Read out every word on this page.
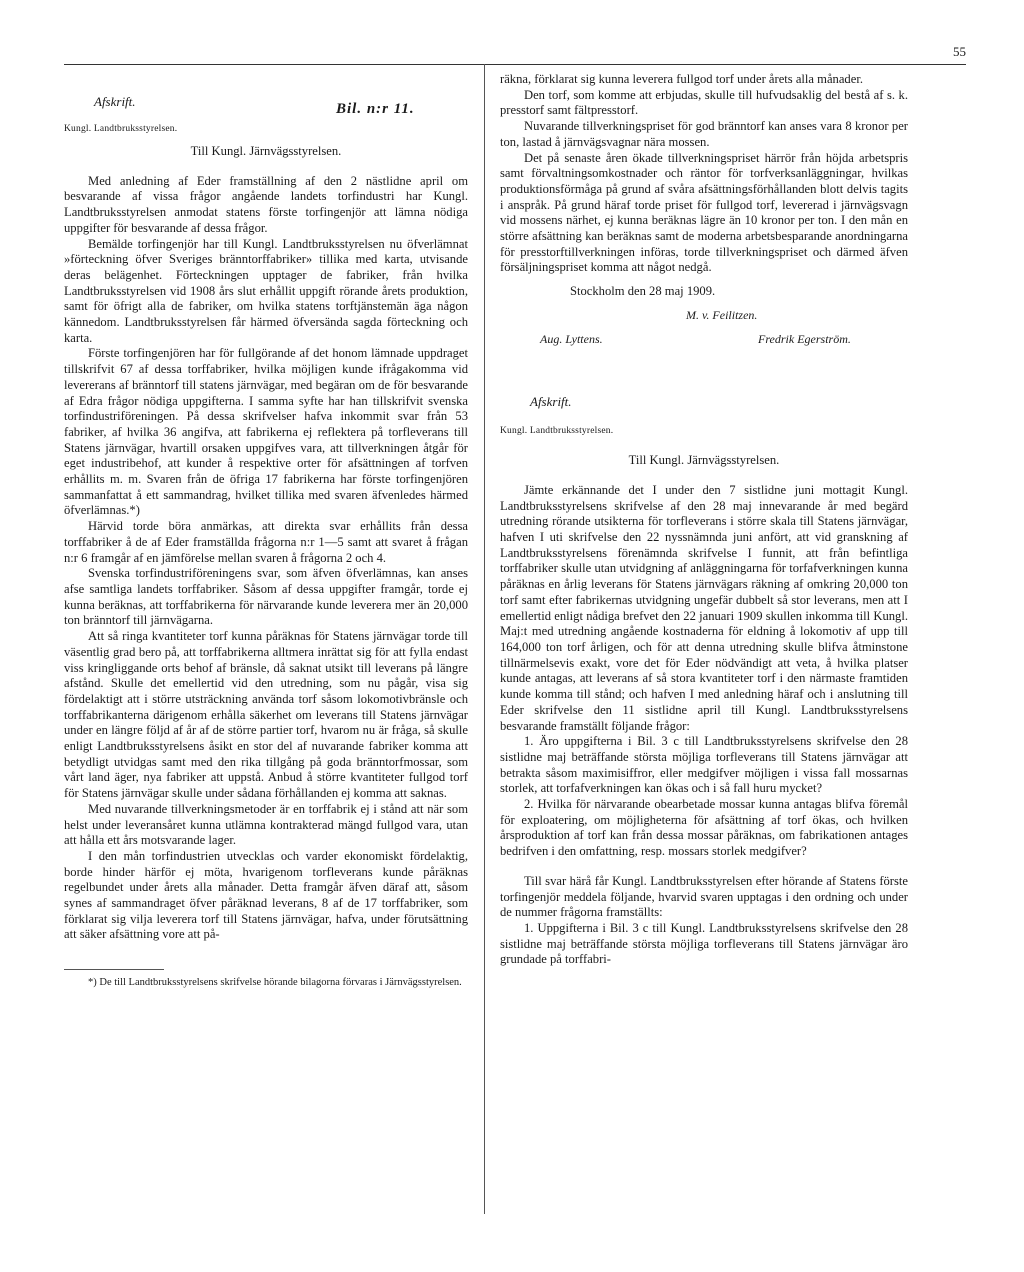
55
Afskrift.	Bil. n:r 11.
Kungl. Landtbruksstyrelsen.

Till Kungl. Järnvägsstyrelsen.

Med anledning af Eder framställning af den 2 nästlidne april om besvarande af vissa frågor angående landets torfindustri har Kungl. Landtbruksstyrelsen anmodat statens förste torfingenjör att lämna nödiga uppgifter för besvarande af dessa frågor.

Bemälde torfingenjör har till Kungl. Landtbruksstyrelsen nu öfverlämnat »förteckning öfver Sveriges bränntorffabriker» tillika med karta, utvisande deras belägenhet. Förteckningen upptager de fabriker, från hvilka Landtbruksstyrelsen vid 1908 års slut erhållit uppgift rörande årets produktion, samt för öfrigt alla de fabriker, om hvilka statens torftjänstemän äga någon kännedom. Landtbruksstyrelsen får härmed öfversända sagda förteckning och karta.

Förste torfingenjören har för fullgörande af det honom lämnade uppdraget tillskrifvit 67 af dessa torffabriker, hvilka möjligen kunde ifrågakomma vid levererans af bränntorf till statens järnvägar, med begäran om de för besvarande af Edra frågor nödiga uppgifterna. I samma syfte har han tillskrifvit svenska torfindustriföreningen. På dessa skrifvelser hafva inkommit svar från 53 fabriker, af hvilka 36 angifva, att fabrikerna ej reflektera på torfleverans till Statens järnvägar, hvartill orsaken uppgifves vara, att tillverkningen åtgår för eget industribehof, att kunder å respektive orter för afsättningen af torfven erhållits m. m. Svaren från de öfriga 17 fabrikerna har förste torfingenjören sammanfattat å ett sammandrag, hvilket tillika med svaren äfvenledes härmed öfverlämnas.*)

Härvid torde böra anmärkas, att direkta svar erhållits från dessa torffabriker å de af Eder framställda frågorna n:r 1—5 samt att svaret å frågan n:r 6 framgår af en jämförelse mellan svaren å frågorna 2 och 4.

Svenska torfindustriföreningens svar, som äfven öfverlämnas, kan anses afse samtliga landets torffabriker. Såsom af dessa uppgifter framgår, torde ej kunna beräknas, att torffabrikerna för närvarande kunde leverera mer än 20,000 ton bränntorf till järnvägarna.

Att så ringa kvantiteter torf kunna påräknas för Statens järnvägar torde till väsentlig grad bero på, att torffabrikerna alltmera inrättat sig för att fylla endast viss kringliggande orts behof af bränsle, då saknat utsikt till leverans på längre afstånd. Skulle det emellertid vid den utredning, som nu pågår, visa sig fördelaktigt att i större utsträckning använda torf såsom lokomotivbränsle och torffabrikanterna därigenom erhålla säkerhet om leverans till Statens järnvägar under en längre följd af år af de större partier torf, hvarom nu är fråga, så skulle enligt Landtbruksstyrelsens åsikt en stor del af nuvarande fabriker komma att betydligt utvidgas samt med den rika tillgång på goda bränntorfmossar, som vårt land äger, nya fabriker att uppstå. Anbud å större kvantiteter fullgod torf för Statens järnvägar skulle under sådana förhållanden ej komma att saknas.

Med nuvarande tillverkningsmetoder är en torffabrik ej i stånd att när som helst under leveransåret kunna utlämna kontrakterad mängd fullgod vara, utan att hålla ett års motsvarande lager.

I den mån torfindustrien utvecklas och varder ekonomiskt fördelaktig, borde hinder härför ej möta, hvarigenom torfleverans kunde påräknas regelbundet under årets alla månader. Detta framgår äfven däraf att, såsom synes af sammandraget öfver påräknad leverans, 8 af de 17 torffabriker, som förklarat sig vilja leverera torf till Statens järnvägar, hafva, under förutsättning att säker afsättning vore att på-

*) De till Landtbruksstyrelsens skrifvelse hörande bilagorna förvaras i Järnvägsstyrelsen.

räkna, förklarat sig kunna leverera fullgod torf under årets alla månader.

Den torf, som komme att erbjudas, skulle till hufvudsaklig del bestå af s. k. presstorf samt fältpresstorf.

Nuvarande tillverkningspriset för god bränntorf kan anses vara 8 kronor per ton, lastad å järnvägsvagnar nära mossen.

Det på senaste åren ökade tillverkningspriset härrör från höjda arbetspris samt förvaltningsomkostnader och räntor för torfverksanläggningar, hvilkas produktionsförmåga på grund af svåra afsättningsförhållanden blott delvis tagits i anspråk. På grund häraf torde priset för fullgod torf, levererad i järnvägsvagn vid mossens närhet, ej kunna beräknas lägre än 10 kronor per ton. I den mån en större afsättning kan beräknas samt de moderna arbetsbesparande anordningarna för presstorftillverkningen införas, torde tillverkningspriset och därmed äfven försäljningspriset komma att något nedgå.

Stockholm den 28 maj 1909.

M. v. Feilitzen.
Aug. Lyttens.	Fredrik Egerström.
Afskrift.
Kungl. Landtbruksstyrelsen.

Till Kungl. Järnvägsstyrelsen.

Jämte erkännande det I under den 7 sistlidne juni mottagit Kungl. Landtbruksstyrelsens skrifvelse af den 28 maj innevarande år med begärd utredning rörande utsikterna för torfleverans i större skala till Statens järnvägar, hafven I uti skrifvelse den 22 nyssnämnda juni anfört, att vid granskning af Landtbruksstyrelsens förenämnda skrifvelse I funnit, att från befintliga torffabriker skulle utan utvidgning af anläggningarna för torfafverkningen kunna påräknas en årlig leverans för Statens järnvägars räkning af omkring 20,000 ton torf samt efter fabrikernas utvidgning ungefär dubbelt så stor leverans, men att I emellertid enligt nådiga brefvet den 22 januari 1909 skullen inkomma till Kungl. Maj:t med utredning angående kostnaderna för eldning å lokomotiv af upp till 164,000 ton torf årligen, och för att denna utredning skulle blifva åtminstone tillnärmelsevis exakt, vore det för Eder nödvändigt att veta, å hvilka platser kunde antagas, att leverans af så stora kvantiteter torf i den närmaste framtiden kunde komma till stånd; och hafven I med anledning häraf och i anslutning till Eder skrifvelse den 11 sistlidne april till Kungl. Landtbruksstyrelsens besvarande framställt följande frågor:

1. Äro uppgifterna i Bil. 3 c till Landtbruksstyrelsens skrifvelse den 28 sistlidne maj beträffande största möjliga torfleverans till Statens järnvägar att betrakta såsom maximisiffror, eller medgifver möjligen i vissa fall mossarnas storlek, att torfafverkningen kan ökas och i så fall huru mycket?

2. Hvilka för närvarande obearbetade mossar kunna antagas blifva föremål för exploatering, om möjligheterna för afsättning af torf ökas, och hvilken årsproduktion af torf kan från dessa mossar påräknas, om fabrikationen antages bedrifven i den omfattning, resp. mossars storlek medgifver?

Till svar härå får Kungl. Landtbruksstyrelsen efter hörande af Statens förste torfingenjör meddela följande, hvarvid svaren upptagas i den ordning och under de nummer frågorna framställts:

1. Uppgifterna i Bil. 3 c till Kungl. Landtbruksstyrelsens skrifvelse den 28 sistlidne maj beträffande största möjliga torfleverans till Statens järnvägar äro grundade på torffabri-
